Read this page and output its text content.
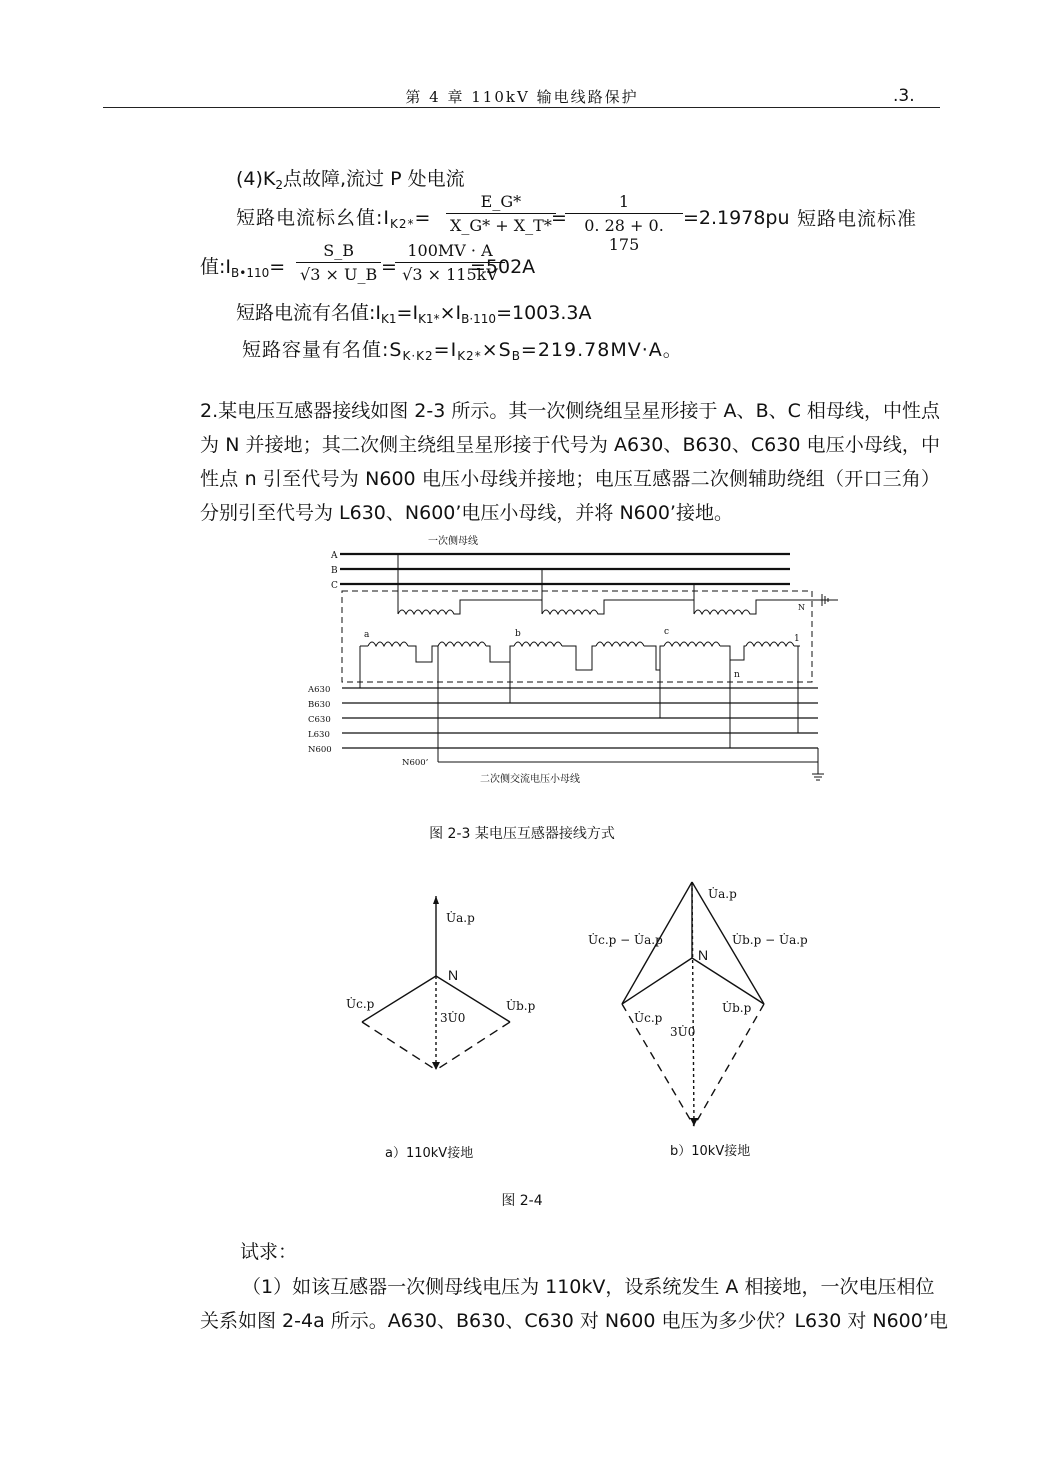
第 4 章 110kV 输电线路保护	.3.
$(4)K_2$点故障,流过 P 处电流
短路电流标幺值$:I_{K2*}= \frac{E\_G*}{X\_G* + X\_T*}$
=
$\frac{1}{0. 28 + 0. 175} =2.1978pu$ 短路电流标准
值$:I_{B•110}= \frac{S\_B}{√3 \times U\_B}$ =
$\frac{100MV \cdot A}{√3 \times 115kV}$
=502A
短路电流有名值$:I_{K1}=I_{K1*}\times I_{B\cdot 110}=1003.3A$
短路容量有名值$:S_{K\cdot K2}=I_{K2*}\times S_B=219.78MV\cdot A$。
2.某电压互感器接线如图 2-3 所示。其一次侧绕组呈星形接于 A、B、C 相母线，中性点为 N 并接地；其二次侧主绕组呈星形接于代号为 A630、B630、C630 电压小母线，中性点 n 引至代号为 N600 电压小母线并接地；电压互感器二次侧辅助绕组（开口三角）分别引至代号为 L630、N600’电压小母线，并将 N600’接地。
一次侧母线
A
B
C
N
a	b	c
n
1
A630
B630
C630
L630
N600
N600’
二次侧交流电压小母线
图 2-3 某电压互感器接线方式
U̇a.p
N
U̇c.p	U̇b.p
3U̇0
a）110kV接地
U̇a.p
U̇c.p − U̇a.p	U̇b.p − U̇a.p
N
U̇c.p
U̇b.p
3U̇0
b）10kV接地
图 2-4
试求：
（1）如该互感器一次侧母线电压为 110kV，设系统发生 A 相接地，一次电压相位
关系如图 2-4a 所示。A630、B630、C630 对 N600 电压为多少伏？L630 对 N600’电
